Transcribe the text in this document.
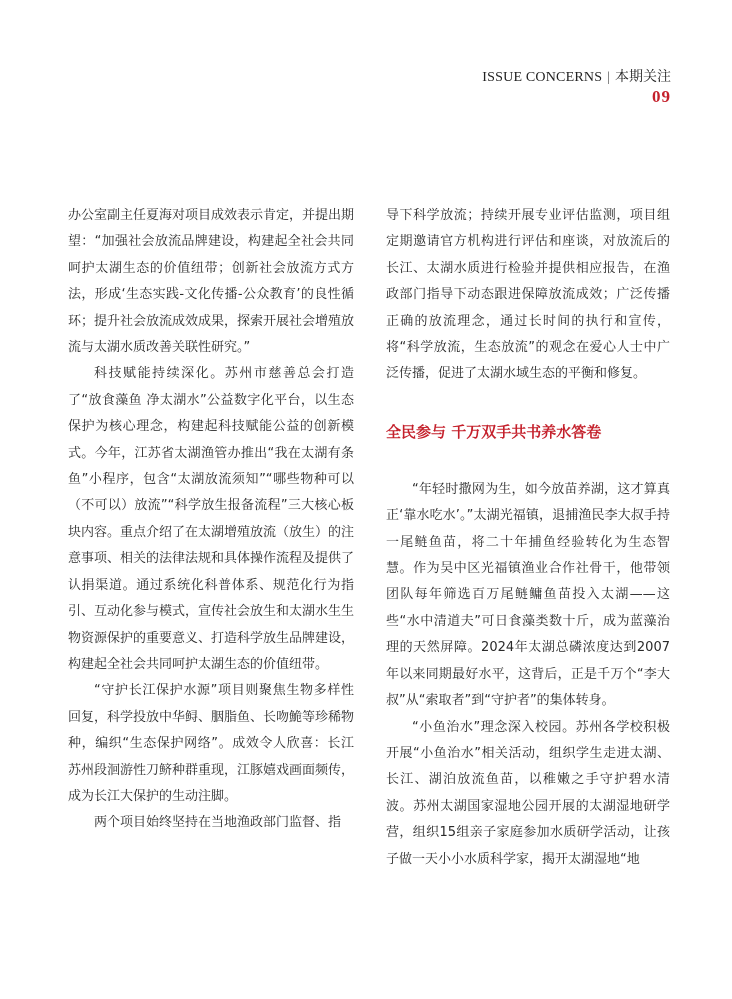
ISSUE CONCERNS | 本期关注
09

办公室副主任夏海对项目成效表示肯定，并提出期望：“加强社会放流品牌建设，构建起全社会共同呵护太湖生态的价值纽带；创新社会放流方式方法，形成‘生态实践-文化传播-公众教育’的良性循环；提升社会放流成效成果，探索开展社会增殖放流与太湖水质改善关联性研究。”

科技赋能持续深化。苏州市慈善总会打造了“放食藻鱼 净太湖水”公益数字化平台，以生态保护为核心理念，构建起科技赋能公益的创新模式。今年，江苏省太湖渔管办推出“我在太湖有条鱼”小程序，包含“太湖放流须知”“哪些物种可以（不可以）放流”“科学放生报备流程”三大核心板块内容。重点介绍了在太湖增殖放流（放生）的注意事项、相关的法律法规和具体操作流程及提供了认捐渠道。通过系统化科普体系、规范化行为指引、互动化参与模式，宣传社会放生和太湖水生生物资源保护的重要意义、打造科学放生品牌建设，构建起全社会共同呵护太湖生态的价值纽带。

“守护长江保护水源”项目则聚焦生物多样性回复，科学投放中华鲟、胭脂鱼、长吻鮠等珍稀物种，编织“生态保护网络”。成效令人欣喜：长江苏州段洄游性刀鲚种群重现，江豚嬉戏画面频传，成为长江大保护的生动注脚。

两个项目始终坚持在当地渔政部门监督、指

导下科学放流；持续开展专业评估监测，项目组定期邀请官方机构进行评估和座谈，对放流后的长江、太湖水质进行检验并提供相应报告，在渔政部门指导下动态跟进保障放流成效；广泛传播正确的放流理念，通过长时间的执行和宣传，将“科学放流，生态放流”的观念在爱心人士中广泛传播，促进了太湖水域生态的平衡和修复。

全民参与 千万双手共书养水答卷

“年轻时撒网为生，如今放苗养湖，这才算真正‘靠水吃水’。”太湖光福镇，退捕渔民李大叔手持一尾鲢鱼苗，将二十年捕鱼经验转化为生态智慧。作为吴中区光福镇渔业合作社骨干，他带领团队每年筛选百万尾鲢鳙鱼苗投入太湖——这些“水中清道夫”可日食藻类数十斤，成为蓝藻治理的天然屏障。2024年太湖总磷浓度达到2007年以来同期最好水平，这背后，正是千万个“李大叔”从“索取者”到“守护者”的集体转身。

“小鱼治水”理念深入校园。苏州各学校积极开展“小鱼治水”相关活动，组织学生走进太湖、长江、湖泊放流鱼苗，以稚嫩之手守护碧水清波。苏州太湖国家湿地公园开展的太湖湿地研学营，组织15组亲子家庭参加水质研学活动，让孩子做一天小小水质科学家，揭开太湖湿地“地
